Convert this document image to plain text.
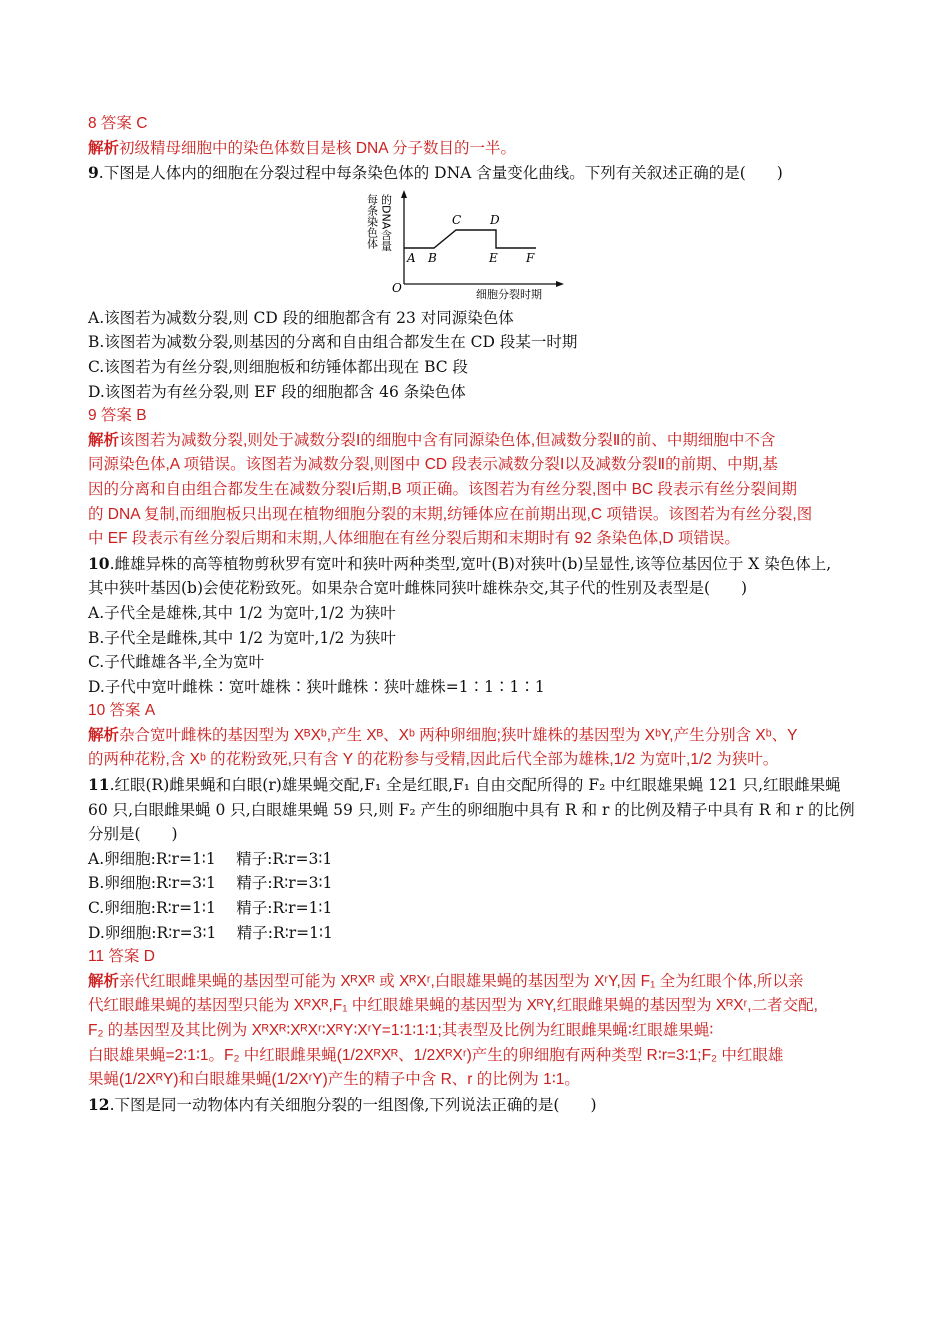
8 答案 C
解析初级精母细胞中的染色体数目是核 DNA 分子数目的一半。
9.下图是人体内的细胞在分裂过程中每条染色体的 DNA 含量变化曲线。下列有关叙述正确的是(　　)
每条染色体 的DNA含量
O
A B
C D
E F
细胞分裂时期
A.该图若为减数分裂,则 CD 段的细胞都含有 23 对同源染色体
B.该图若为减数分裂,则基因的分离和自由组合都发生在 CD 段某一时期
C.该图若为有丝分裂,则细胞板和纺锤体都出现在 BC 段
D.该图若为有丝分裂,则 EF 段的细胞都含 46 条染色体
9 答案 B
解析该图若为减数分裂,则处于减数分裂Ⅰ的细胞中含有同源染色体,但减数分裂Ⅱ的前、中期细胞中不含
同源染色体,A 项错误。该图若为减数分裂,则图中 CD 段表示减数分裂Ⅰ以及减数分裂Ⅱ的前期、中期,基
因的分离和自由组合都发生在减数分裂Ⅰ后期,B 项正确。该图若为有丝分裂,图中 BC 段表示有丝分裂间期
的 DNA 复制,而细胞板只出现在植物细胞分裂的末期,纺锤体应在前期出现,C 项错误。该图若为有丝分裂,图
中 EF 段表示有丝分裂后期和末期,人体细胞在有丝分裂后期和末期时有 92 条染色体,D 项错误。
10.雌雄异株的高等植物剪秋罗有宽叶和狭叶两种类型,宽叶(B)对狭叶(b)呈显性,该等位基因位于 X 染色体上,
其中狭叶基因(b)会使花粉致死。如果杂合宽叶雌株同狭叶雄株杂交,其子代的性别及表型是(　　)
A.子代全是雄株,其中 1/2 为宽叶,1/2 为狭叶
B.子代全是雌株,其中 1/2 为宽叶,1/2 为狭叶
C.子代雌雄各半,全为宽叶
D.子代中宽叶雌株∶宽叶雄株∶狭叶雌株∶狭叶雄株=1∶1∶1∶1
10 答案 A
解析杂合宽叶雌株的基因型为 XᴮXᵇ,产生 Xᴮ、Xᵇ 两种卵细胞;狭叶雄株的基因型为 XᵇY,产生分别含 Xᵇ、Y
的两种花粉,含 Xᵇ 的花粉致死,只有含 Y 的花粉参与受精,因此后代全部为雄株,1/2 为宽叶,1/2 为狭叶。
11.红眼(R)雌果蝇和白眼(r)雄果蝇交配,F₁ 全是红眼,F₁ 自由交配所得的 F₂ 中红眼雄果蝇 121 只,红眼雌果蝇
60 只,白眼雌果蝇 0 只,白眼雄果蝇 59 只,则 F₂ 产生的卵细胞中具有 R 和 r 的比例及精子中具有 R 和 r 的比例
分别是(　　)
A.卵细胞:R∶r=1∶1　 精子:R∶r=3∶1
B.卵细胞:R∶r=3∶1　 精子:R∶r=3∶1
C.卵细胞:R∶r=1∶1　 精子:R∶r=1∶1
D.卵细胞:R∶r=3∶1　 精子:R∶r=1∶1
11 答案 D
解析亲代红眼雌果蝇的基因型可能为 XᴿXᴿ 或 XᴿXʳ,白眼雄果蝇的基因型为 XʳY,因 F₁ 全为红眼个体,所以亲
代红眼雌果蝇的基因型只能为 XᴿXᴿ,F₁ 中红眼雄果蝇的基因型为 XᴿY,红眼雌果蝇的基因型为 XᴿXʳ,二者交配,
F₂ 的基因型及其比例为 XᴿXᴿ∶XᴿXʳ∶XᴿY∶XʳY=1∶1∶1∶1;其表型及比例为红眼雌果蝇∶红眼雄果蝇∶
白眼雄果蝇=2∶1∶1。F₂ 中红眼雌果蝇(1/2XᴿXᴿ、1/2XᴿXʳ)产生的卵细胞有两种类型 R∶r=3∶1;F₂ 中红眼雄
果蝇(1/2XᴿY)和白眼雄果蝇(1/2XʳY)产生的精子中含 R、r 的比例为 1∶1。
12.下图是同一动物体内有关细胞分裂的一组图像,下列说法正确的是(　　)
